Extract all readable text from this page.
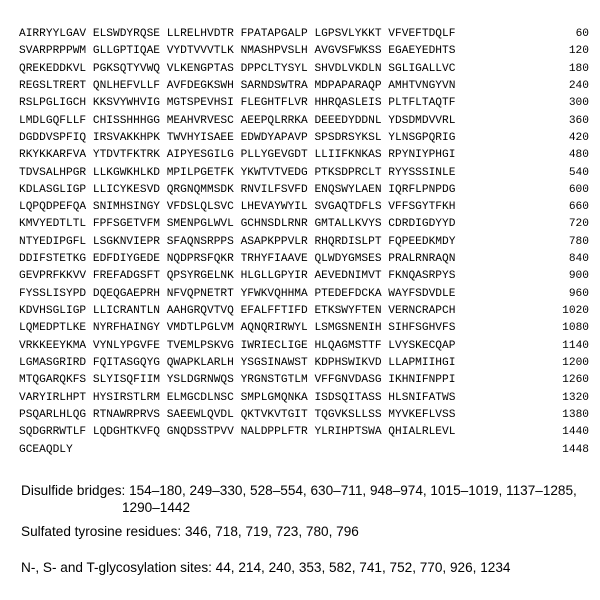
AIRRYYLGAV ELSWDYRQSE LLRELHVDTR FPATAPGALP LGPSVLYKKT VFVEFTDQLF	60
SVARPRPPWM GLLGPTIQAE VYDTVVVTLK NMASHPVSLH AVGVSFWKSS EGAEYEDHTS	120
QREKEDDKVL PGKSQTYVWQ VLKENGPTAS DPPCLTYSYL SHVDLVKDLN SGLIGALLVC	180
REGSLTRERT QNLHEFVLLF AVFDEGKSWH SARNDSWTRA MDPAPARAQP AMHTVNGYVN	240
RSLPGLIGCH KKSVYWHVIG MGTSPEVHSI FLEGHTFLVR HHRQASLEIS PLTFLTAQTF	300
LMDLGQFLLF CHISSHHHGG MEAHVRVESC AEEPQLRRKA DEEEDYDDNL YDSDMDVVRL	360
DGDDVSPFIQ IRSVAKKHPK TWVHYISAEE EDWDYAPAVP SPSDRSYKSL YLNSGPQRIG	420
RKYKKARFVA YTDVTFKTRK AIPYESGILG PLLYGEVGDT LLIIFKNKAS RPYNIYPHGI	480
TDVSALHPGR LLKGWKHLKD MPILPGETFK YKWTVTVEDG PTKSDPRCLT RYYSSSINLE	540
KDLASGLIGP LLICYKESVD QRGNQMMSDK RNVILFSVFD ENQSWYLAEN IQRFLPNPDG	600
LQPQDPEFQA SNIMHSINGY VFDSLQLSVC LHEVAYWYIL SVGAQTDFLS VFFSGYTFKH	660
KMVYEDTLTL FPFSGETVFM SMENPGLWVL GCHNSDLRNR GMTALLKVYS CDRDIGDYYD	720
NTYEDIPGFL LSGKNVIEPR SFAQNSRPPS ASAPKPPVLR RHQRDISLPT FQPEEDKMDY	780
DDIFSTETKG EDFDIYGEDE NQDPRSFQKR TRHYFIAAVE QLWDYGMSES PRALRNRAQN	840
GEVPRFKKVV FREFADGSFT QPSYRGELNK HLGLLGPYIR AEVEDNIMVT FKNQASRPYS	900
FYSSLISYPD DQEQGAEPRH NFVQPNETRT YFWKVQHHMA PTEDEFDCKA WAYFSDVDLE	960
KDVHSGLIGP LLICRANTLN AAHGRQVTVQ EFALFFTIFD ETKSWYFTEN VERNCRAPCH	1020
LQMEDPTLKE NYRFHAINGY VMDTLPGLVM AQNQRIRWYL LSMGSNENIH SIHFSGHVFS	1080
VRKKEEYKMA VYNLYPGVFE TVEMLPSKVG IWRIECLIGE HLQAGMSTTF LVYSKECQAP	1140
LGMASGRIRD FQITASGQYG QWAPKLARLH YSGSINAWST KDPHSWIKVD LLAPMIIHGI	1200
MTQGARQKFS SLYISQFIIM YSLDGRNWQS YRGNSTGTLM VFFGNVDASG IKHNIFNPPI	1260
VARYIRLHPT HYSIRSTLRM ELMGCDLNSC SMPLGMQNKA ISDSQITASS HLSNIFATWS	1320
PSQARLHLQG RTNAWRPRVS SAEEWLQVDL QKTVKVTGIT TQGVKSLLSS MYVKEFLVSS	1380
SQDGRRWTLF LQDGHTKVFQ GNQDSSTPVV NALDPPLFTR YLRIHPTSWA QHIALRLEVL	1440
GCEAQDLY	1448
Disulfide bridges: 154–180, 249–330, 528–554, 630–711, 948–974, 1015–1019, 1137–1285,
1290–1442
Sulfated tyrosine residues: 346, 718, 719, 723, 780, 796
N-, S- and T-glycosylation sites: 44, 214, 240, 353, 582, 741, 752, 770, 926, 1234
